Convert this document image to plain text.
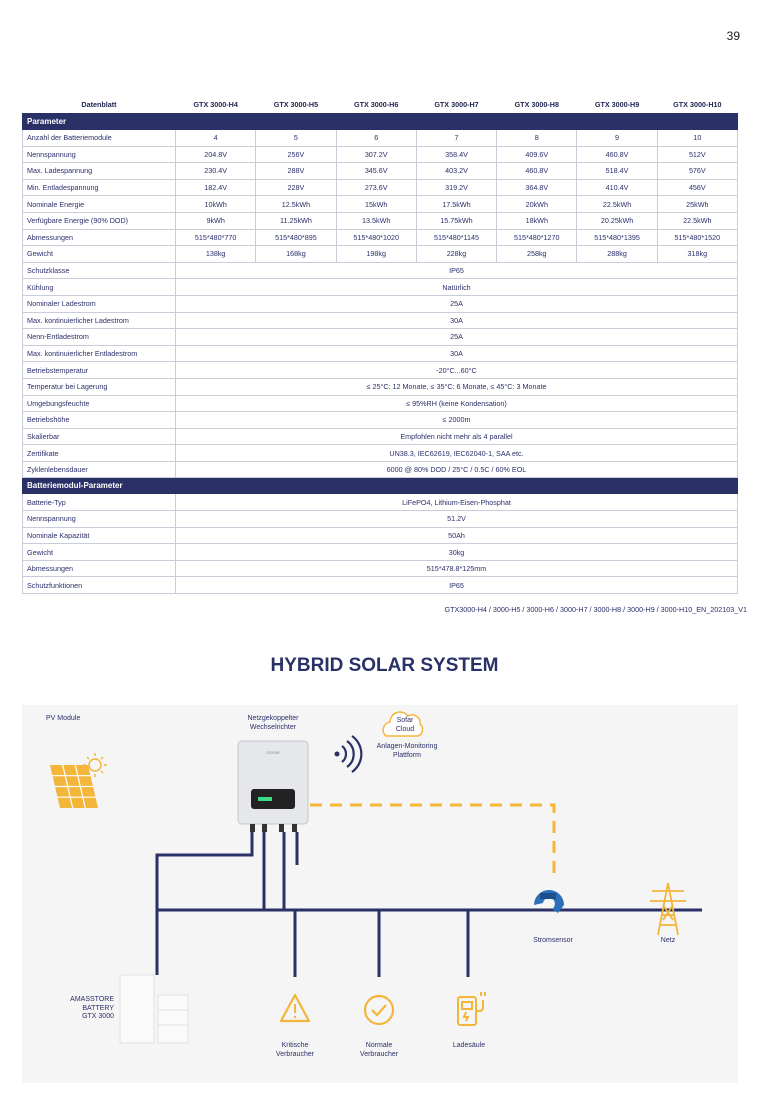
39
Datenblatt	GTX 3000-H4	GTX 3000-H5	GTX 3000-H6	GTX 3000-H7	GTX 3000-H8	GTX 3000-H9	GTX 3000-H10
Parameter							
Anzahl der Batteriemodule	4	5	6	7	8	9	10
Nennspannung	204.8V	256V	307.2V	358.4V	409.6V	460.8V	512V
Max. Ladespannung	230.4V	288V	345.6V	403.2V	460.8V	518.4V	576V
Min. Entladespannung	182.4V	228V	273.6V	319.2V	364.8V	410.4V	456V
Nominale Energie	10kWh	12.5kWh	15kWh	17.5kWh	20kWh	22.5kWh	25kWh
Verfügbare Energie (90% DOD)	9kWh	11.25kWh	13.5kWh	15.75kWh	18kWh	20.25kWh	22.5kWh
Abmessungen	515*480*770	515*480*895	515*480*1020	515*480*1145	515*480*1270	515*480*1395	515*480*1520
Gewicht	138kg	168kg	198kg	228kg	258kg	288kg	318kg
Schutzklasse	IP65						
Kühlung	Natürlich						
Nominaler Ladestrom	25A						
Max. kontinuierlicher Ladestrom	30A						
Nenn-Entladestrom	25A						
Max. kontinuierlicher Entladestrom	30A						
Betriebstemperatur	-20°C...60°C						
Temperatur bei Lagerung	≤ 25°C: 12 Monate, ≤ 35°C: 6 Monate, ≤ 45°C: 3 Monate						
Umgebungsfeuchte	≤ 95%RH (keine Kondensation)						
Betriebshöhe	≤ 2000m						
Skalierbar	Empfohlen nicht mehr als 4 parallel						
Zertifikate	UN38.3, IEC62619, IEC62040-1, SAA etc.						
Zyklenlebensdauer	6000 @ 80% DOD / 25°C / 0.5C / 60% EOL						
Batteriemodul-Parameter							
Batterie-Typ	LiFePO4, Lithium-Eisen-Phosphat						
Nennspannung	51.2V						
Nominale Kapazität	50Ah						
Gewicht	30kg						
Abmessungen	515*478.8*125mm						
Schutzfunktionen	IP65						
GTX3000-H4 / 3000-H5 / 3000-H6 / 3000-H7 / 3000-H8 / 3000-H9 / 3000-H10_EN_202103_V1
HYBRID SOLAR SYSTEM
SOFAR
PV Module	Netzgekoppelter
Wechselrichter
Sofar
Cloud
Anlagen-Monitoring
Plattform
Stromsensor	Netz
AMASSTORE
BATTERY
GTX 3000
Kritische
Verbraucher
Normale
Verbraucher
Ladesäule
